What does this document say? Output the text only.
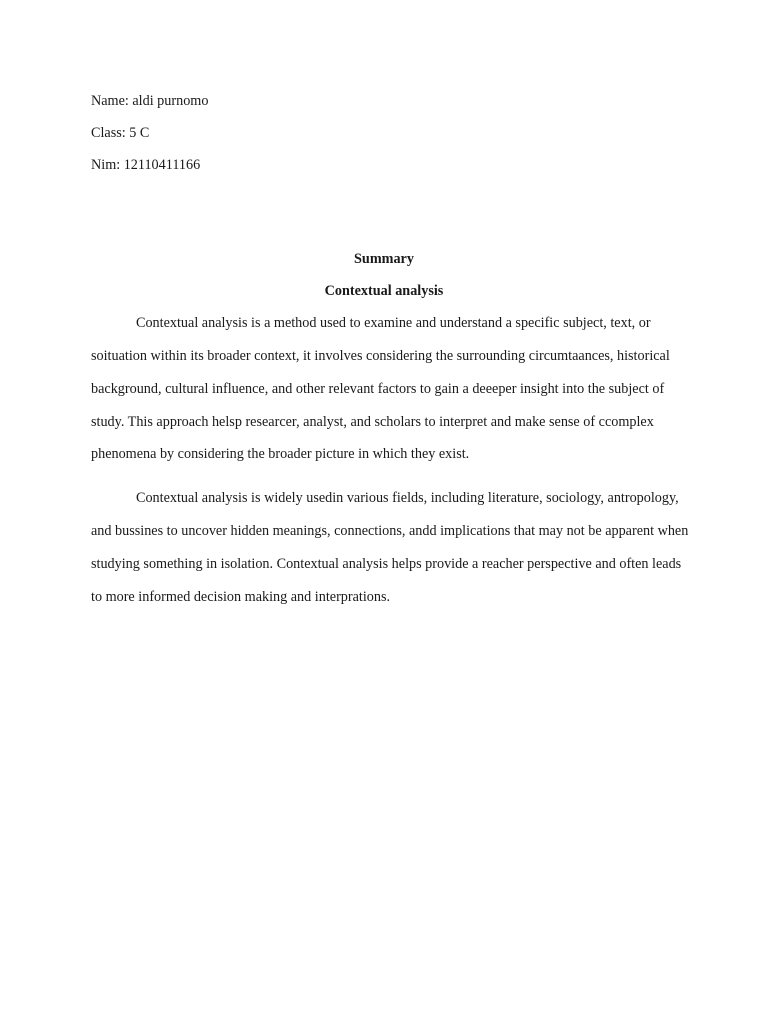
Name: aldi purnomo
Class: 5 C
Nim: 12110411166
Summary
Contextual analysis
Contextual analysis is a method used to examine and understand a specific subject, text, or
soituation within its broader context, it involves considering the surrounding circumtaances, historical
background, cultural influence, and other relevant factors to gain a deeeper insight into the subject of
study. This approach helsp researcer, analyst, and scholars to interpret and make sense of ccomplex
phenomena by considering the broader picture in which they exist.
Contextual analysis is widely usedin various fields, including literature, sociology, antropology,
and bussines to uncover hidden meanings, connections, andd implications that may not be apparent when
studying something in isolation. Contextual analysis helps provide a reacher perspective and often leads
to more informed decision making and interprations.
